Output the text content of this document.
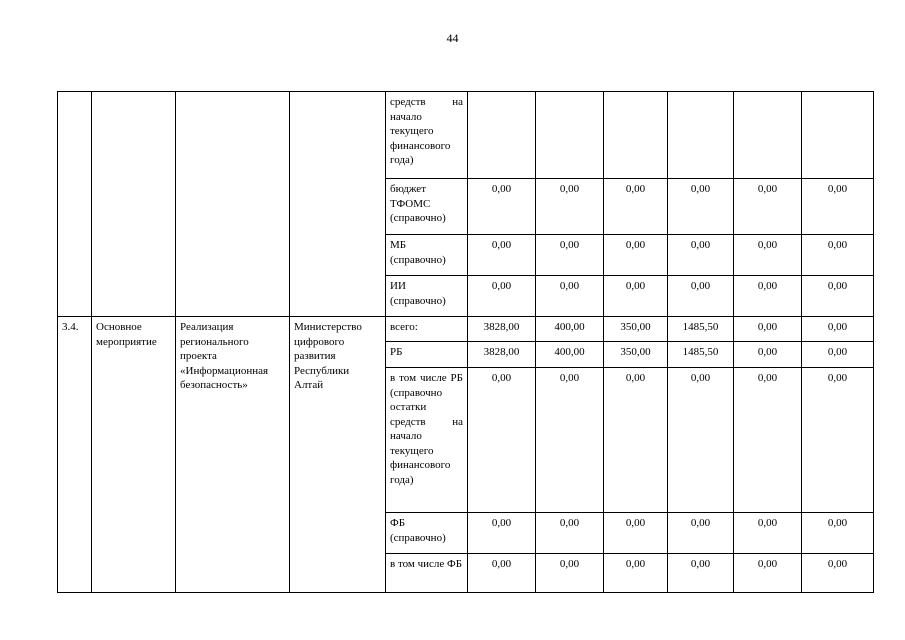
44
				средств на начало текущего финансового года)						
				бюджет ТФОМС (справочно)	0,00	0,00	0,00	0,00	0,00	0,00
				МБ (справочно)	0,00	0,00	0,00	0,00	0,00	0,00
				ИИ (справочно)	0,00	0,00	0,00	0,00	0,00	0,00
3.4.	Основное мероприятие	Реализация регионального проекта «Информационная безопасность»	Министерство цифрового развития Республики Алтай	всего:	3828,00	400,00	350,00	1485,50	0,00	0,00
				РБ	3828,00	400,00	350,00	1485,50	0,00	0,00
				в том числе РБ (справочно остатки средств на начало текущего финансового года)	0,00	0,00	0,00	0,00	0,00	0,00
				ФБ (справочно)	0,00	0,00	0,00	0,00	0,00	0,00
				в том числе ФБ	0,00	0,00	0,00	0,00	0,00	0,00
